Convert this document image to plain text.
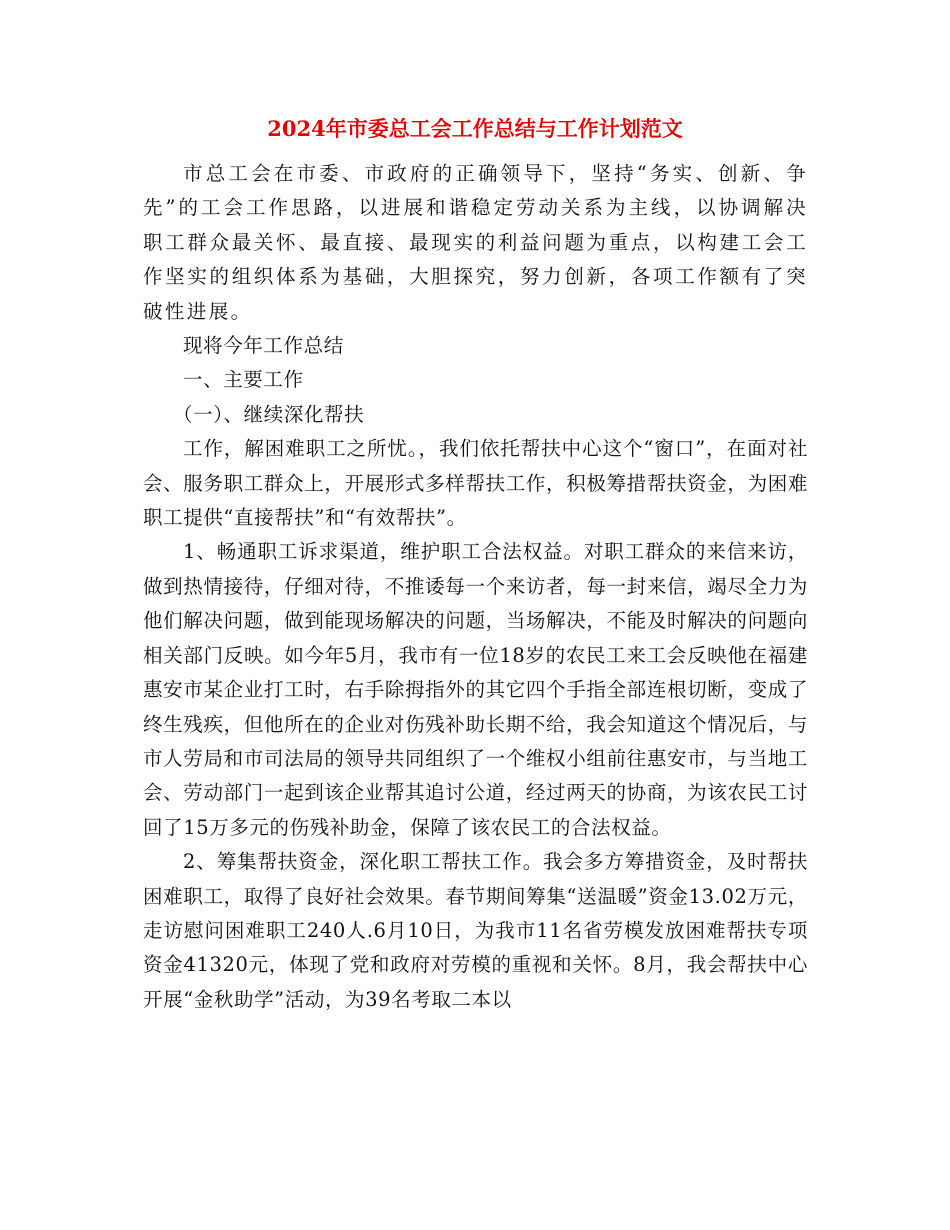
2024年市委总工会工作总结与工作计划范文

市总工会在市委、市政府的正确领导下，坚持“务实、创新、争先”的工会工作思路，以进展和谐稳定劳动关系为主线，以协调解决职工群众最关怀、最直接、最现实的利益问题为重点，以构建工会工作坚实的组织体系为基础，大胆探究，努力创新，各项工作额有了突破性进展。

现将今年工作总结

一、主要工作

（一）、继续深化帮扶

工作，解困难职工之所忧。，我们依托帮扶中心这个“窗口”，在面对社会、服务职工群众上，开展形式多样帮扶工作，积极筹措帮扶资金，为困难职工提供“直接帮扶”和“有效帮扶”。

1、畅通职工诉求渠道，维护职工合法权益。对职工群众的来信来访，做到热情接待，仔细对待，不推诿每一个来访者，每一封来信，竭尽全力为他们解决问题，做到能现场解决的问题，当场解决，不能及时解决的问题向相关部门反映。如今年5月，我市有一位18岁的农民工来工会反映他在福建惠安市某企业打工时，右手除拇指外的其它四个手指全部连根切断，变成了终生残疾，但他所在的企业对伤残补助长期不给，我会知道这个情况后，与市人劳局和市司法局的领导共同组织了一个维权小组前往惠安市，与当地工会、劳动部门一起到该企业帮其追讨公道，经过两天的协商，为该农民工讨回了15万多元的伤残补助金，保障了该农民工的合法权益。

2、筹集帮扶资金，深化职工帮扶工作。我会多方筹措资金，及时帮扶困难职工，取得了良好社会效果。春节期间筹集“送温暖”资金13.02万元，走访慰问困难职工240人.6月10日，为我市11名省劳模发放困难帮扶专项资金41320元，体现了党和政府对劳模的重视和关怀。8月，我会帮扶中心开展“金秋助学”活动，为39名考取二本以
